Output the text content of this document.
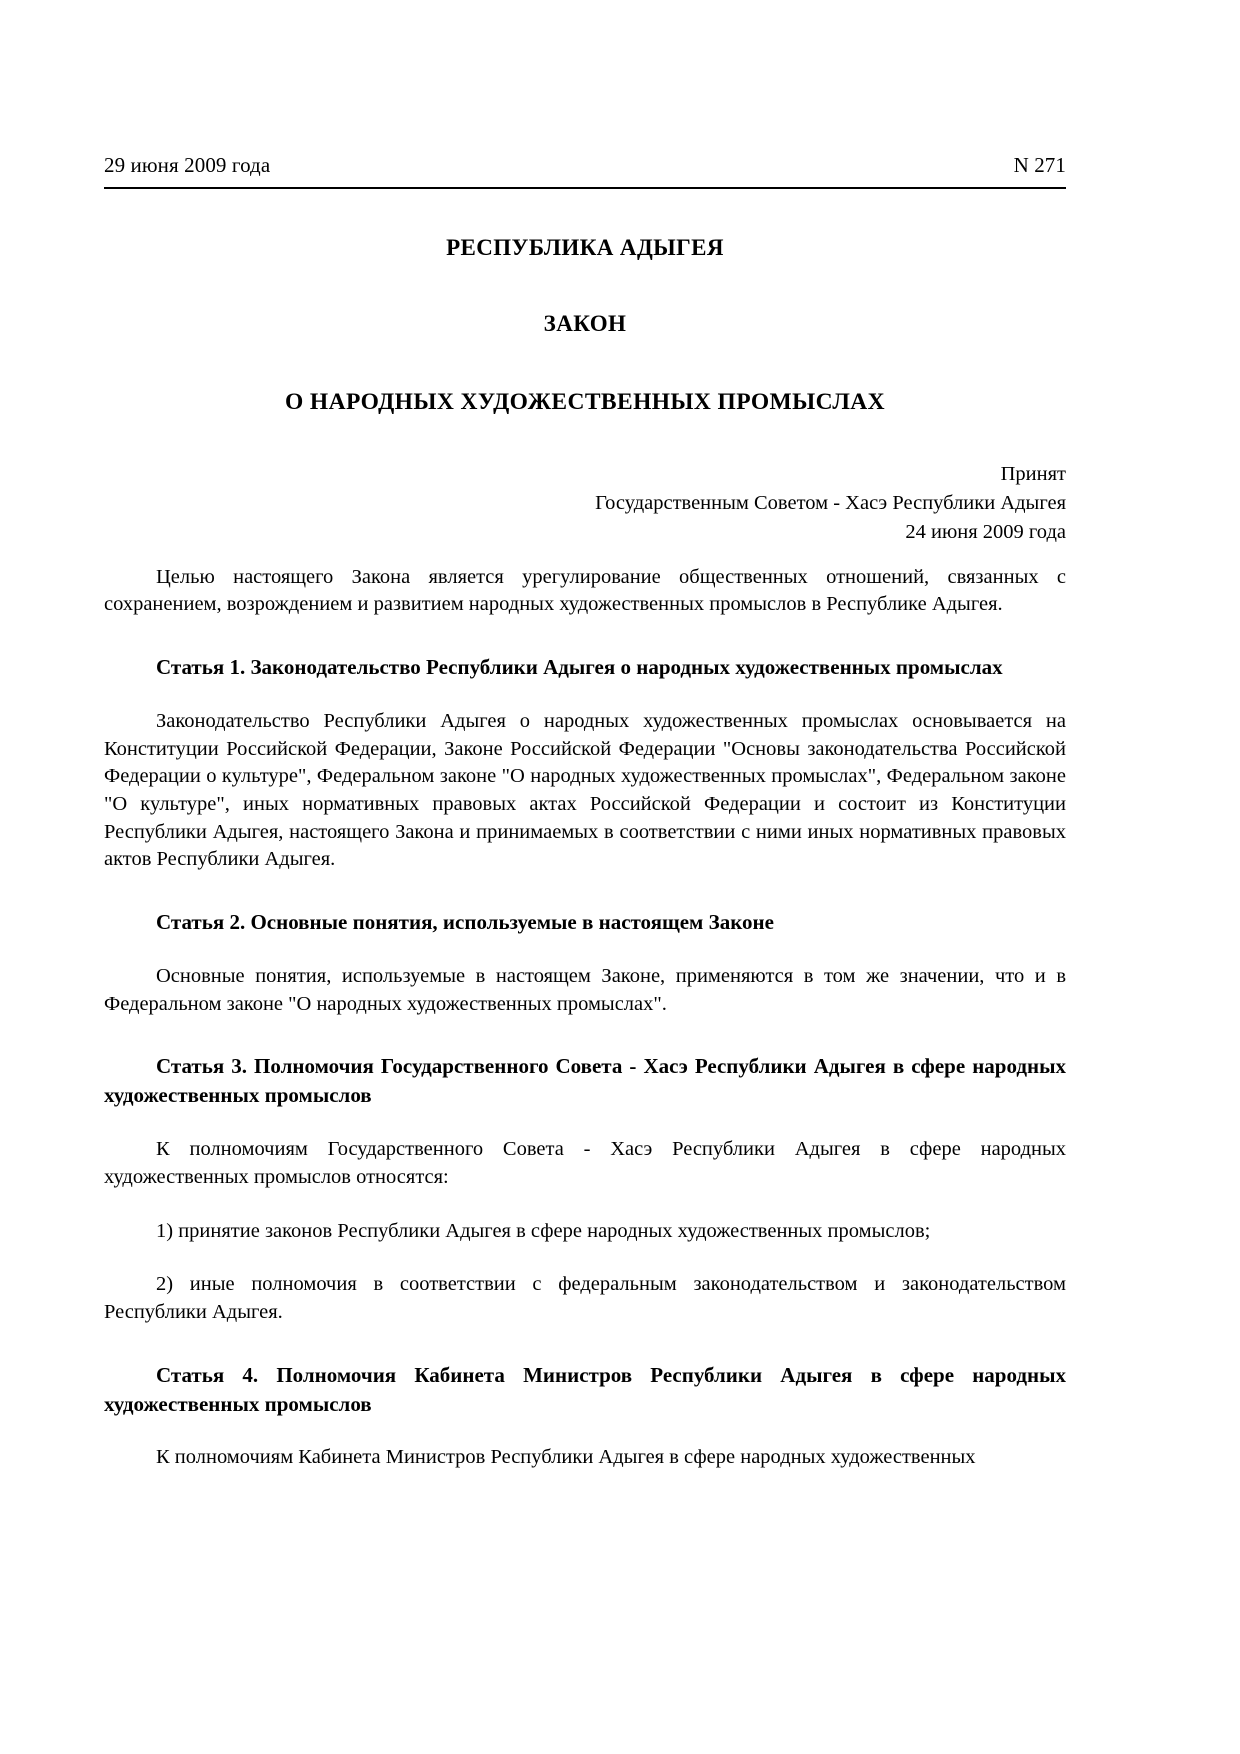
29 июня 2009 года	N 271
РЕСПУБЛИКА АДЫГЕЯ
ЗАКОН
О НАРОДНЫХ ХУДОЖЕСТВЕННЫХ ПРОМЫСЛАХ
Принят
Государственным Советом - Хасэ Республики Адыгея
24 июня 2009 года

Целью настоящего Закона является урегулирование общественных отношений, связанных с сохранением, возрождением и развитием народных художественных промыслов в Республике Адыгея.

Статья 1. Законодательство Республики Адыгея о народных художественных промыслах

Законодательство Республики Адыгея о народных художественных промыслах основывается на Конституции Российской Федерации, Законе Российской Федерации "Основы законодательства Российской Федерации о культуре", Федеральном законе "О народных художественных промыслах", Федеральном законе "О культуре", иных нормативных правовых актах Российской Федерации и состоит из Конституции Республики Адыгея, настоящего Закона и принимаемых в соответствии с ними иных нормативных правовых актов Республики Адыгея.

Статья 2. Основные понятия, используемые в настоящем Законе

Основные понятия, используемые в настоящем Законе, применяются в том же значении, что и в Федеральном законе "О народных художественных промыслах".

Статья 3. Полномочия Государственного Совета - Хасэ Республики Адыгея в сфере народных художественных промыслов

К полномочиям Государственного Совета - Хасэ Республики Адыгея в сфере народных художественных промыслов относятся:

1) принятие законов Республики Адыгея в сфере народных художественных промыслов;

2) иные полномочия в соответствии с федеральным законодательством и законодательством Республики Адыгея.

Статья 4. Полномочия Кабинета Министров Республики Адыгея в сфере народных художественных промыслов

К полномочиям Кабинета Министров Республики Адыгея в сфере народных художественных
